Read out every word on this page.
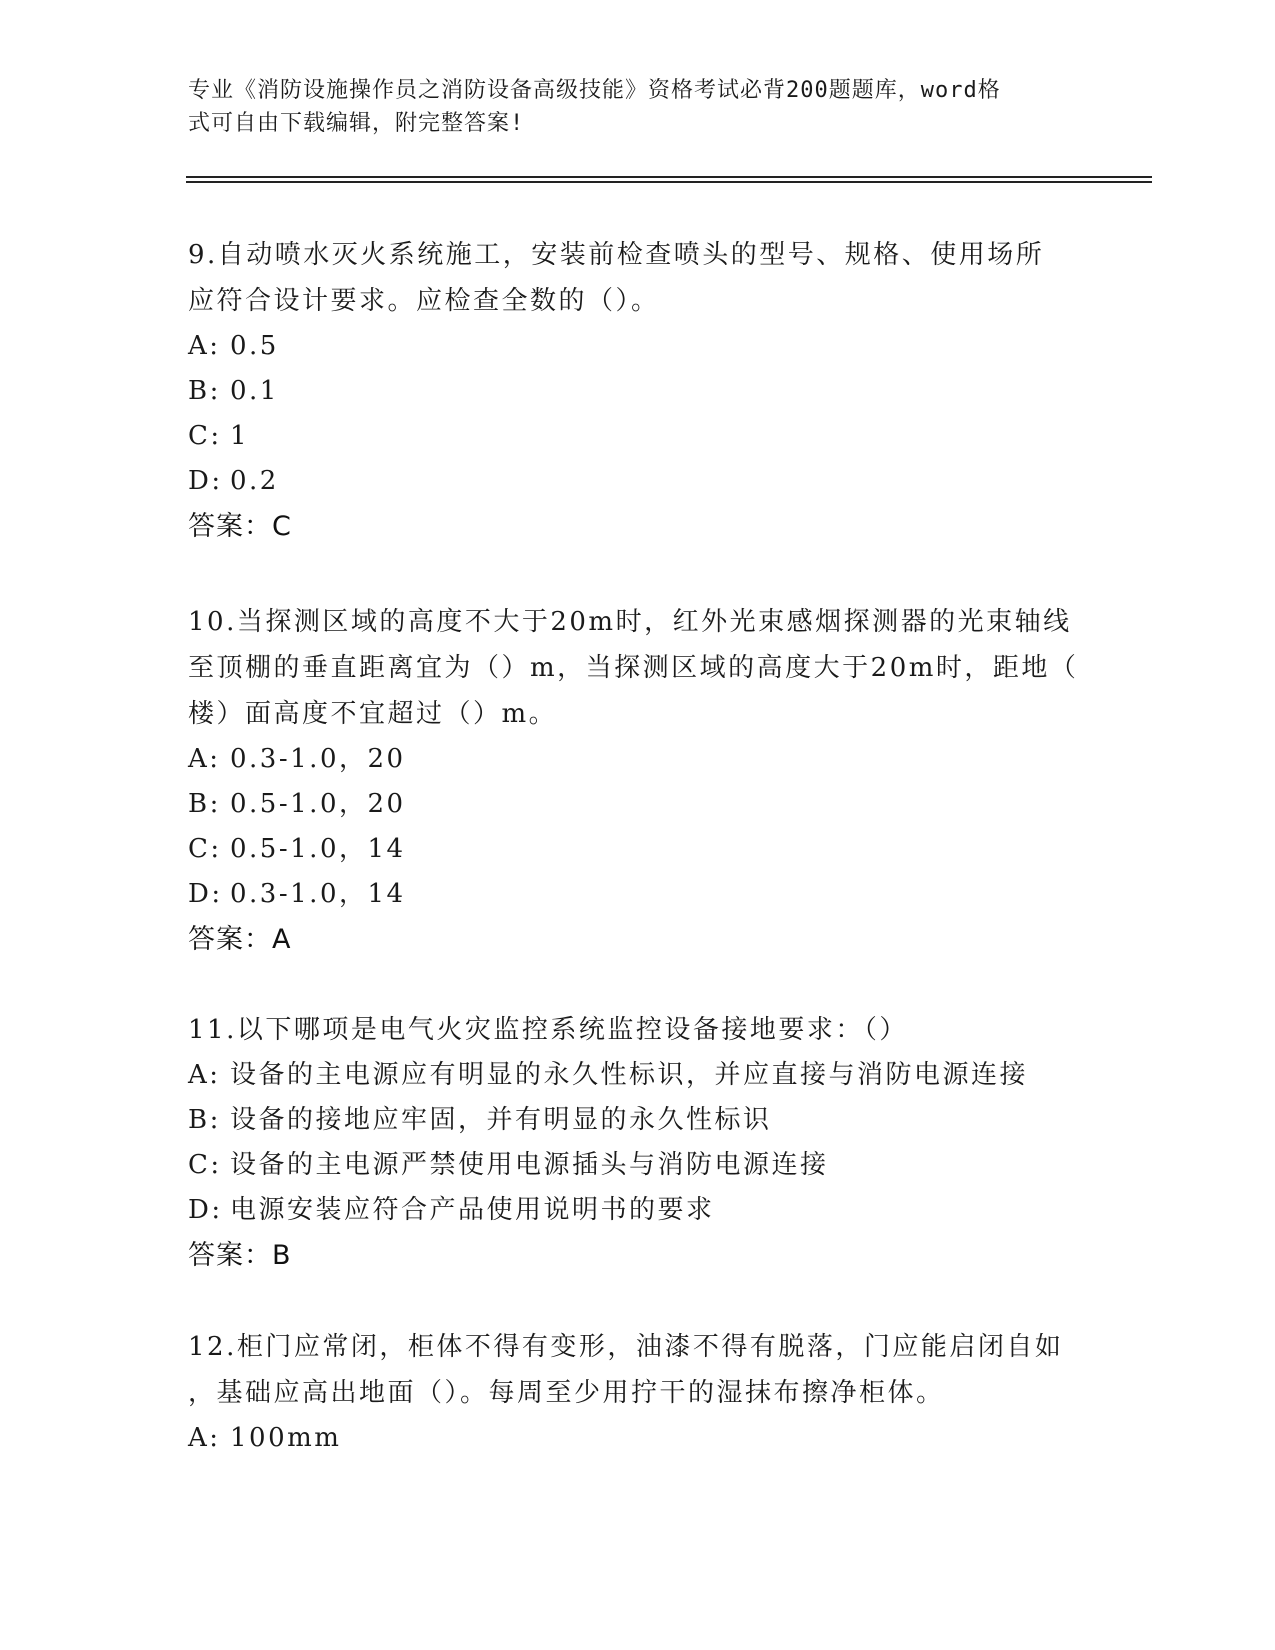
专业《消防设施操作员之消防设备高级技能》资格考试必背200题题库，word格
式可自由下载编辑，附完整答案!
9.自动喷水灭火系统施工，安装前检查喷头的型号、规格、使用场所
应符合设计要求。应检查全数的（）。
A: 0.5
B: 0.1
C: 1
D: 0.2
答案：C
10.当探测区域的高度不大于20m时，红外光束感烟探测器的光束轴线
至顶棚的垂直距离宜为（）m，当探测区域的高度大于20m时，距地（
楼）面高度不宜超过（）m。
A: 0.3-1.0，20
B: 0.5-1.0，20
C: 0.5-1.0，14
D: 0.3-1.0，14
答案：A
11.以下哪项是电气火灾监控系统监控设备接地要求：（）
A: 设备的主电源应有明显的永久性标识，并应直接与消防电源连接
B: 设备的接地应牢固，并有明显的永久性标识
C: 设备的主电源严禁使用电源插头与消防电源连接
D: 电源安装应符合产品使用说明书的要求
答案：B
12.柜门应常闭，柜体不得有变形，油漆不得有脱落，门应能启闭自如
，基础应高出地面（）。每周至少用拧干的湿抹布擦净柜体。
A: 100mm
